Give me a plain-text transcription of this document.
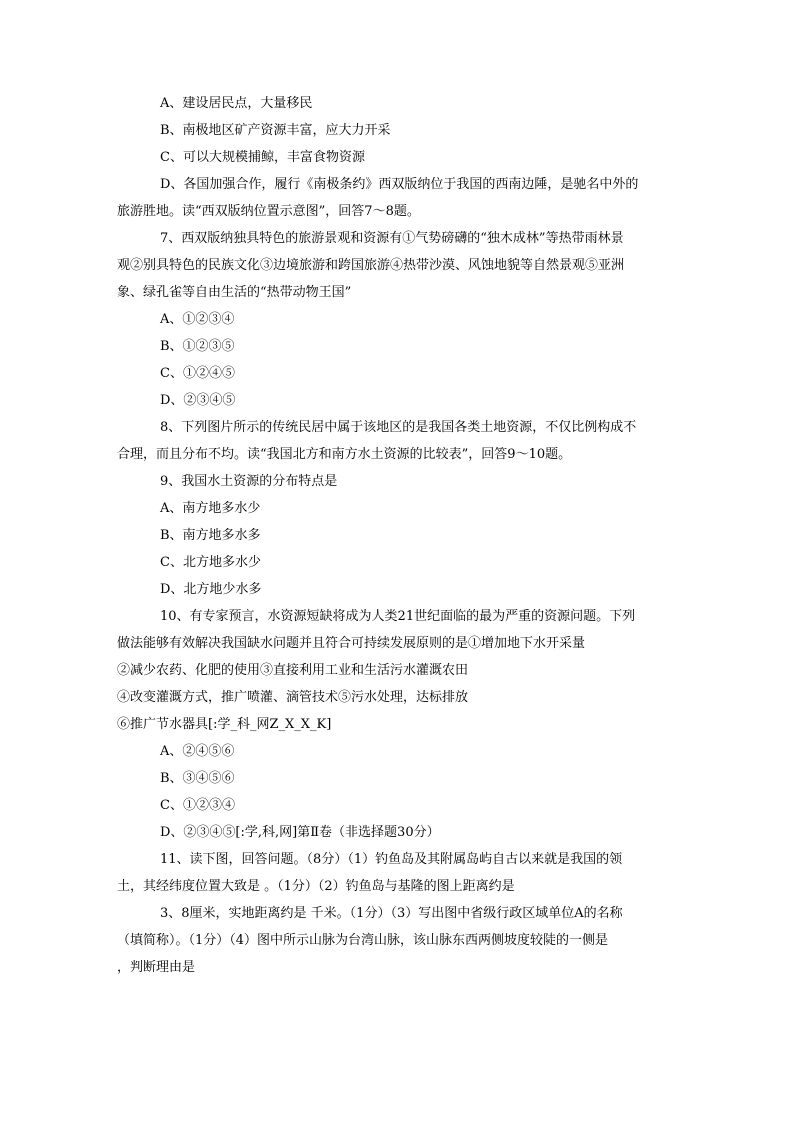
A、建设居民点，大量移民
B、南极地区矿产资源丰富，应大力开采
C、可以大规模捕鲸，丰富食物资源
D、各国加强合作，履行《南极条约》西双版纳位于我国的西南边陲，是驰名中外的
旅游胜地。读“西双版纳位置示意图”，回答7～8题。
7、西双版纳独具特色的旅游景观和资源有①气势磅礴的“独木成林”等热带雨林景
观②别具特色的民族文化③边境旅游和跨国旅游④热带沙漠、风蚀地貌等自然景观⑤亚洲
象、绿孔雀等自由生活的“热带动物王国”
A、①②③④
B、①②③⑤
C、①②④⑤
D、②③④⑤
8、下列图片所示的传统民居中属于该地区的是我国各类土地资源，不仅比例构成不
合理，而且分布不均。读“我国北方和南方水土资源的比较表”，回答9～10题。
9、我国水土资源的分布特点是
A、南方地多水少
B、南方地多水多
C、北方地多水少
D、北方地少水多
10、有专家预言，水资源短缺将成为人类21世纪面临的最为严重的资源问题。下列
做法能够有效解决我国缺水问题并且符合可持续发展原则的是①增加地下水开采量
②减少农药、化肥的使用③直接利用工业和生活污水灌溉农田
④改变灌溉方式，推广喷灌、滴管技术⑤污水处理，达标排放
⑥推广节水器具[:学_科_网Z_X_X_K]
A、②④⑤⑥
B、③④⑤⑥
C、①②③④
D、②③④⑤[:学,科,网]第Ⅱ卷（非选择题30分）
11、读下图，回答问题。（8分）（1）钓鱼岛及其附属岛屿自古以来就是我国的领
土，其经纬度位置大致是 。（1分）（2）钓鱼岛与基隆的图上距离约是
3、8厘米，实地距离约是 千米。（1分）（3）写出图中省级行政区域单位A的名称
（填简称）。（1分）（4）图中所示山脉为台湾山脉，该山脉东西两侧坡度较陡的一侧是
，判断理由是
